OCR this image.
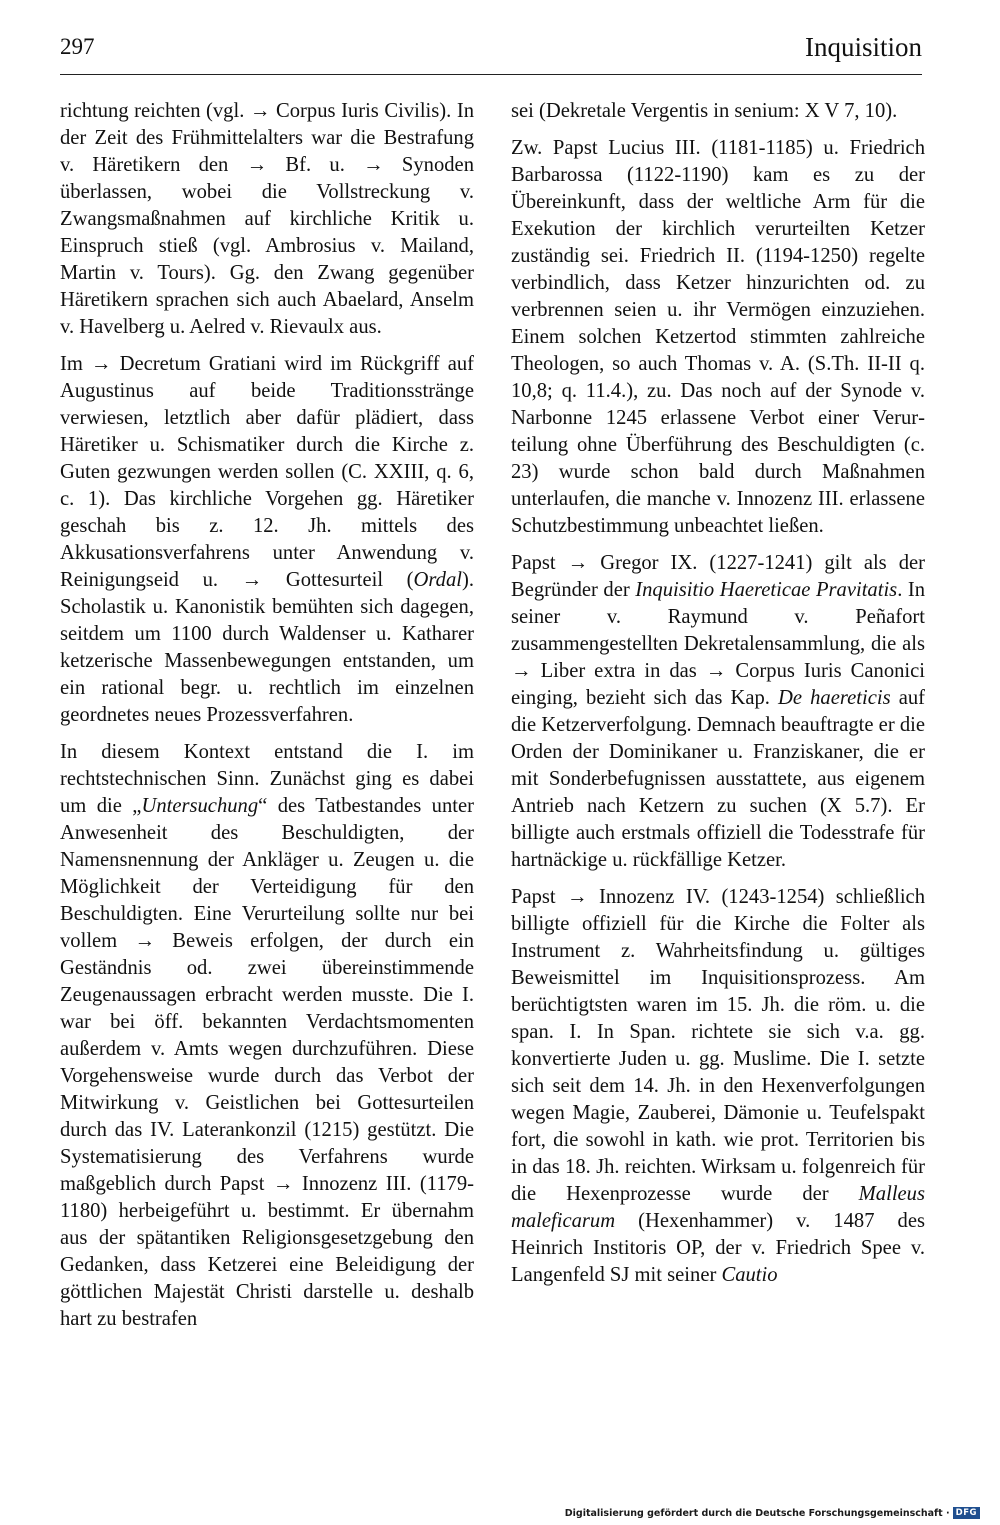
297	Inquisition

richtung reichten (vgl. → Corpus Iuris Civilis). In der Zeit des Frühmittelalters war die Bestrafung v. Häretikern den → Bf. u. → Synoden überlassen, wobei die Vollstreckung v. Zwangsmaßnahmen auf kirchliche Kritik u. Einspruch stieß (vgl. Ambrosius v. Mailand, Martin v. Tours). Gg. den Zwang gegenüber Häretikern sprachen sich auch Abaelard, Anselm v. Havelberg u. Aelred v. Rievaulx aus.

Im → Decretum Gratiani wird im Rückgriff auf Augustinus auf beide Traditionsstränge verwiesen, letztlich aber dafür plädiert, dass Häretiker u. Schismatiker durch die Kirche z. Guten gezwungen werden sollen (C. XXIII, q. 6, c. 1). Das kirchliche Vorgehen gg. Häretiker geschah bis z. 12. Jh. mittels des Akkusationsverfahrens unter Anwendung v. Reinigungseid u. → Gottesurteil (Ordal). Scholastik u. Kanonistik bemühten sich dagegen, seitdem um 1100 durch Waldenser u. Katharer ketzerische Massenbewegungen entstanden, um ein rational begr. u. rechtlich im einzelnen geordnetes neues Prozessverfahren.

In diesem Kontext entstand die I. im rechtstechnischen Sinn. Zunächst ging es dabei um die „Untersuchung“ des Tatbestandes unter Anwesenheit des Beschuldigten, der Namensnennung der Ankläger u. Zeugen u. die Möglichkeit der Verteidigung für den Beschuldigten. Eine Verurteilung sollte nur bei vollem → Beweis erfolgen, der durch ein Geständnis od. zwei übereinstimmende Zeugenaussagen erbracht werden musste. Die I. war bei öff. bekannten Verdachtsmomenten außerdem v. Amts wegen durchzuführen. Diese Vorgehensweise wurde durch das Verbot der Mitwirkung v. Geistlichen bei Gottesurteilen durch das IV. Laterankonzil (1215) gestützt. Die Systematisierung des Verfahrens wurde maßgeblich durch Papst → Innozenz III. (1179-1180) herbeigeführt u. bestimmt. Er übernahm aus der spätantiken Religionsgesetzgebung den Gedanken, dass Ketzerei eine Beleidigung der göttlichen Majestät Christi darstelle u. deshalb hart zu bestrafen

sei (Dekretale Vergentis in senium: X V 7, 10).

Zw. Papst Lucius III. (1181-1185) u. Friedrich Barbarossa (1122-1190) kam es zu der Übereinkunft, dass der weltliche Arm für die Exekution der kirchlich verurteilten Ketzer zuständig sei. Friedrich II. (1194-1250) regelte verbindlich, dass Ketzer hinzurichten od. zu verbrennen seien u. ihr Vermögen einzuziehen. Einem solchen Ketzertod stimmten zahlreiche Theologen, so auch Thomas v. A. (S.Th. II-II q. 10,8; q. 11.4.), zu. Das noch auf der Synode v. Narbonne 1245 erlassene Verbot einer Verurteilung ohne Überführung des Beschuldigten (c. 23) wurde schon bald durch Maßnahmen unterlaufen, die manche v. Innozenz III. erlassene Schutzbestimmung unbeachtet ließen.

Papst → Gregor IX. (1227-1241) gilt als der Begründer der Inquisitio Haereticae Pravitatis. In seiner v. Raymund v. Peñafort zusammengestellten Dekretalensammlung, die als → Liber extra in das → Corpus Iuris Canonici einging, bezieht sich das Kap. De haereticis auf die Ketzerverfolgung. Demnach beauftragte er die Orden der Dominikaner u. Franziskaner, die er mit Sonderbefugnissen ausstattete, aus eigenem Antrieb nach Ketzern zu suchen (X 5.7). Er billigte auch erstmals offiziell die Todesstrafe für hartnäckige u. rückfällige Ketzer.

Papst → Innozenz IV. (1243-1254) schließlich billigte offiziell für die Kirche die Folter als Instrument z. Wahrheitsfindung u. gültiges Beweismittel im Inquisitionsprozess. Am berüchtigtsten waren im 15. Jh. die röm. u. die span. I. In Span. richtete sie sich v.a. gg. konvertierte Juden u. gg. Muslime. Die I. setzte sich seit dem 14. Jh. in den Hexenverfolgungen wegen Magie, Zauberei, Dämonie u. Teufelspakt fort, die sowohl in kath. wie prot. Territorien bis in das 18. Jh. reichten. Wirksam u. folgenreich für die Hexenprozesse wurde der Malleus maleficarum (Hexenhammer) v. 1487 des Heinrich Institoris OP, der v. Friedrich Spee v. Langenfeld SJ mit seiner Cautio

Digitalisierung gefördert durch die Deutsche Forschungsgemeinschaft · DFG
